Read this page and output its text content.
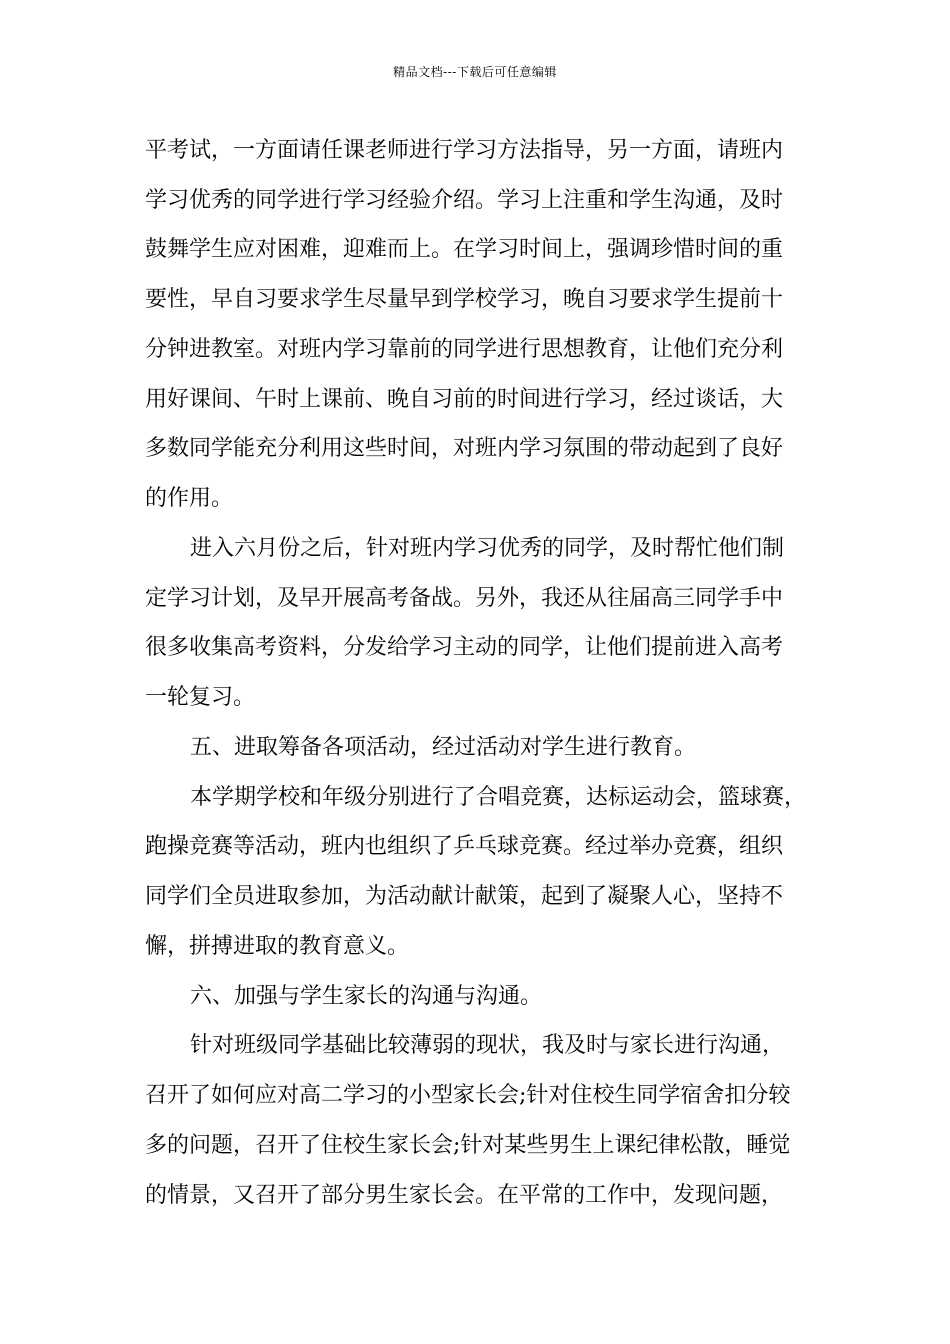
精品文档---下载后可任意编辑
平考试，一方面请任课老师进行学习方法指导，另一方面，请班内
学习优秀的同学进行学习经验介绍。学习上注重和学生沟通，及时
鼓舞学生应对困难，迎难而上。在学习时间上，强调珍惜时间的重
要性，早自习要求学生尽量早到学校学习，晚自习要求学生提前十
分钟进教室。对班内学习靠前的同学进行思想教育，让他们充分利
用好课间、午时上课前、晚自习前的时间进行学习，经过谈话，大
多数同学能充分利用这些时间，对班内学习氛围的带动起到了良好
的作用。
进入六月份之后，针对班内学习优秀的同学，及时帮忙他们制
定学习计划，及早开展高考备战。另外，我还从往届高三同学手中
很多收集高考资料，分发给学习主动的同学，让他们提前进入高考
一轮复习。
五、进取筹备各项活动，经过活动对学生进行教育。
本学期学校和年级分别进行了合唱竞赛，达标运动会，篮球赛，
跑操竞赛等活动，班内也组织了乒乓球竞赛。经过举办竞赛，组织
同学们全员进取参加，为活动献计献策，起到了凝聚人心，坚持不
懈，拼搏进取的教育意义。
六、加强与学生家长的沟通与沟通。
针对班级同学基础比较薄弱的现状，我及时与家长进行沟通，
召开了如何应对高二学习的小型家长会;针对住校生同学宿舍扣分较
多的问题，召开了住校生家长会;针对某些男生上课纪律松散，睡觉
的情景，又召开了部分男生家长会。在平常的工作中，发现问题，
